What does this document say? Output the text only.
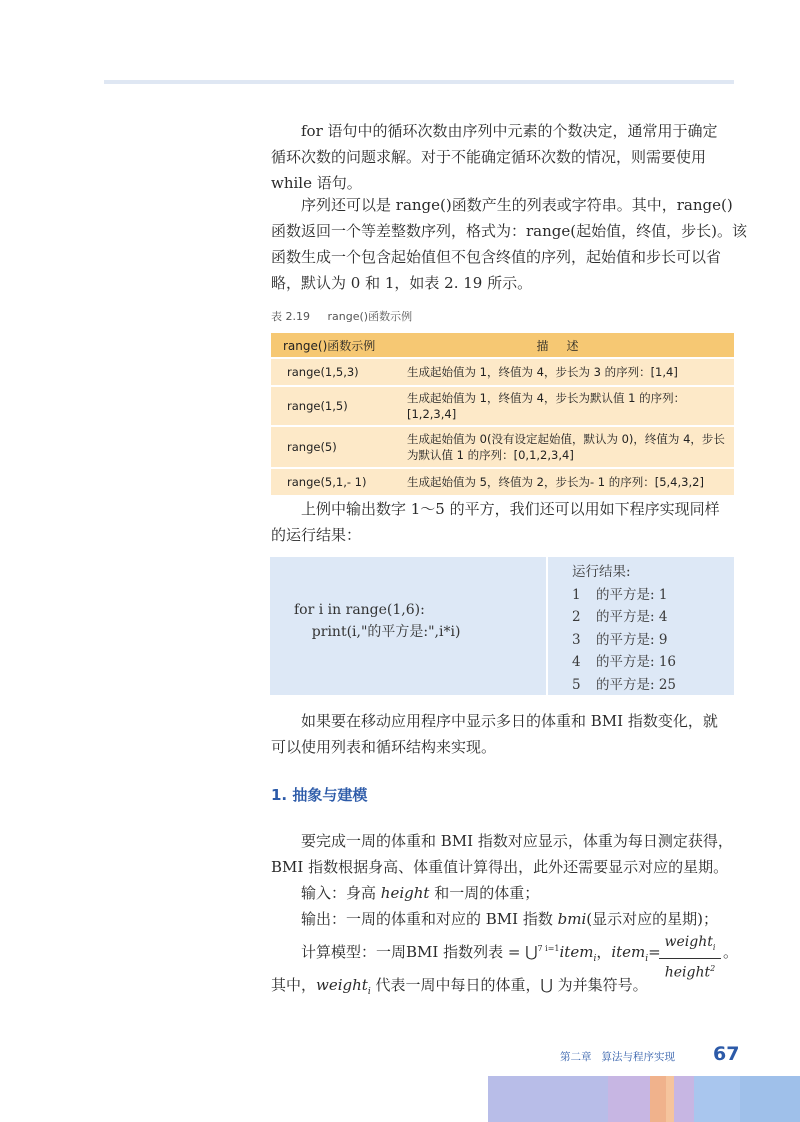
for 语句中的循环次数由序列中元素的个数决定，通常用于确定
循环次数的问题求解。对于不能确定循环次数的情况，则需要使用
while 语句。
序列还可以是 range()函数产生的列表或字符串。其中，range()
函数返回一个等差整数序列，格式为：range(起始值，终值，步长)。该
函数生成一个包含起始值但不包含终值的序列，起始值和步长可以省
略，默认为 0 和 1，如表 2. 19 所示。
表 2.19 range()函数示例
range()函数示例	描述
range(1,5,3)	生成起始值为 1，终值为 4，步长为 3 的序列：[1,4]
range(1,5)	生成起始值为 1，终值为 4，步长为默认值 1 的序列：[1,2,3,4]
range(5)	生成起始值为 0(没有设定起始值，默认为 0)，终值为 4，步长为默认值 1 的序列：[0,1,2,3,4]
range(5,1,- 1)	生成起始值为 5，终值为 2，步长为- 1 的序列：[5,4,3,2]
上例中输出数字 1～5 的平方，我们还可以用如下程序实现同样
的运行结果：
for i in range(1,6):
print(i,"的平方是:",i*i)
运行结果:
1 的平方是: 1
2 的平方是: 4
3 的平方是: 9
4 的平方是: 16
5 的平方是: 25
如果要在移动应用程序中显示多日的体重和 BMI 指数变化，就
可以使用列表和循环结构来实现。
1. 抽象与建模
要完成一周的体重和 BMI 指数对应显示，体重为每日测定获得，
BMI 指数根据身高、体重值计算得出，此外还需要显示对应的星期。
输入：身高 height 和一周的体重；
输出：一周的体重和对应的 BMI 指数 bmi(显示对应的星期)；
计算模型：一周BMI 指数列表 = ⋃$^{7 i=1}$item$_i$，item$_i$=
weight$_i$
height$^2$
。
其中，weight$_i$ 代表一周中每日的体重，⋃ 为并集符号。
第二章 算法与程序实现 67
